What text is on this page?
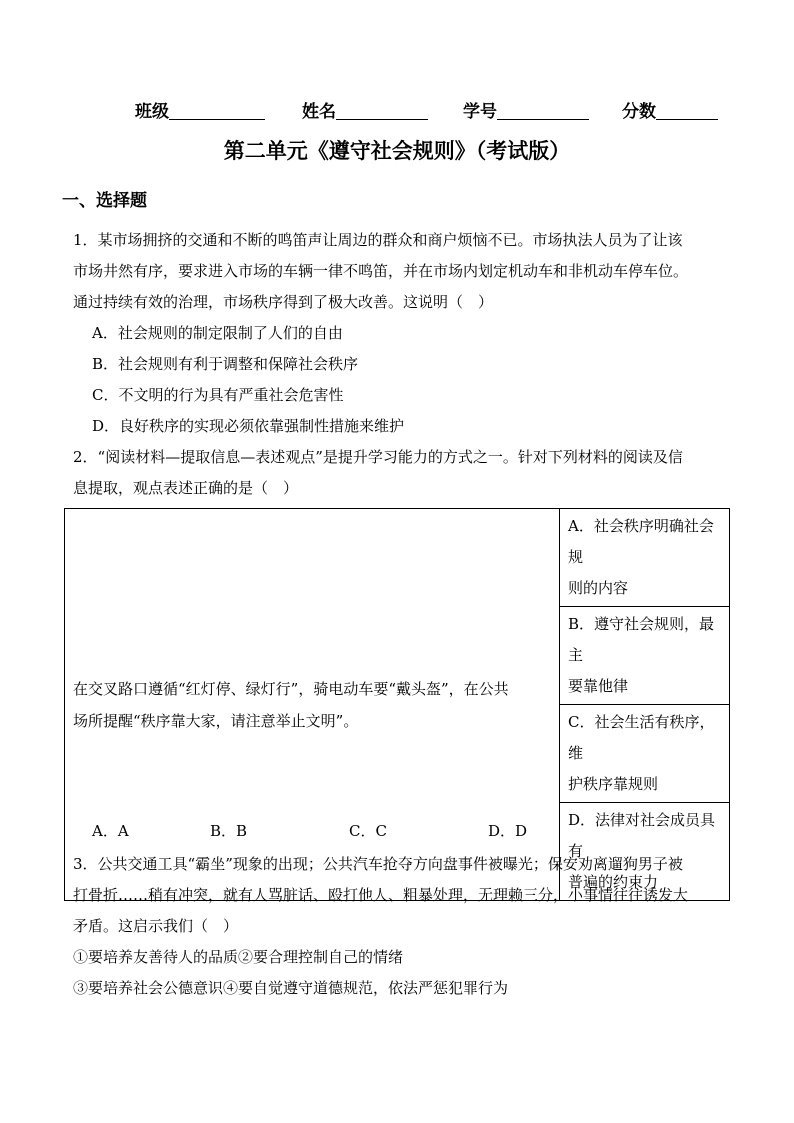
班级	姓名	学号	分数
第二单元《遵守社会规则》（考试版）
一、选择题
1．某市场拥挤的交通和不断的鸣笛声让周边的群众和商户烦恼不已。市场执法人员为了让该
市场井然有序，要求进入市场的车辆一律不鸣笛，并在市场内划定机动车和非机动车停车位。
通过持续有效的治理，市场秩序得到了极大改善。这说明（　）
A．社会规则的制定限制了人们的自由
B．社会规则有利于调整和保障社会秩序
C．不文明的行为具有严重社会危害性
D．良好秩序的实现必须依靠强制性措施来维护
2．“阅读材料—提取信息—表述观点”是提升学习能力的方式之一。针对下列材料的阅读及信
息提取，观点表述正确的是（　）
在交叉路口遵循“红灯停、绿灯行”，骑电动车要“戴头盔”，在公共
场所提醒“秩序靠大家，请注意举止文明”。

A．社会秩序明确社会规
则的内容

B．遵守社会规则，最主
要靠他律

C．社会生活有秩序，维
护秩序靠规则

D．法律对社会成员具有
普遍的约束力
A．A	B．B	C．C	D．D
3．公共交通工具“霸坐”现象的出现；公共汽车抢夺方向盘事件被曝光；保安劝离遛狗男子被
打骨折……稍有冲突，就有人骂脏话、殴打他人、粗暴处理，无理赖三分，小事情往往诱发大
矛盾。这启示我们（　）
①要培养友善待人的品质②要合理控制自己的情绪
③要培养社会公德意识④要自觉遵守道德规范，依法严惩犯罪行为
